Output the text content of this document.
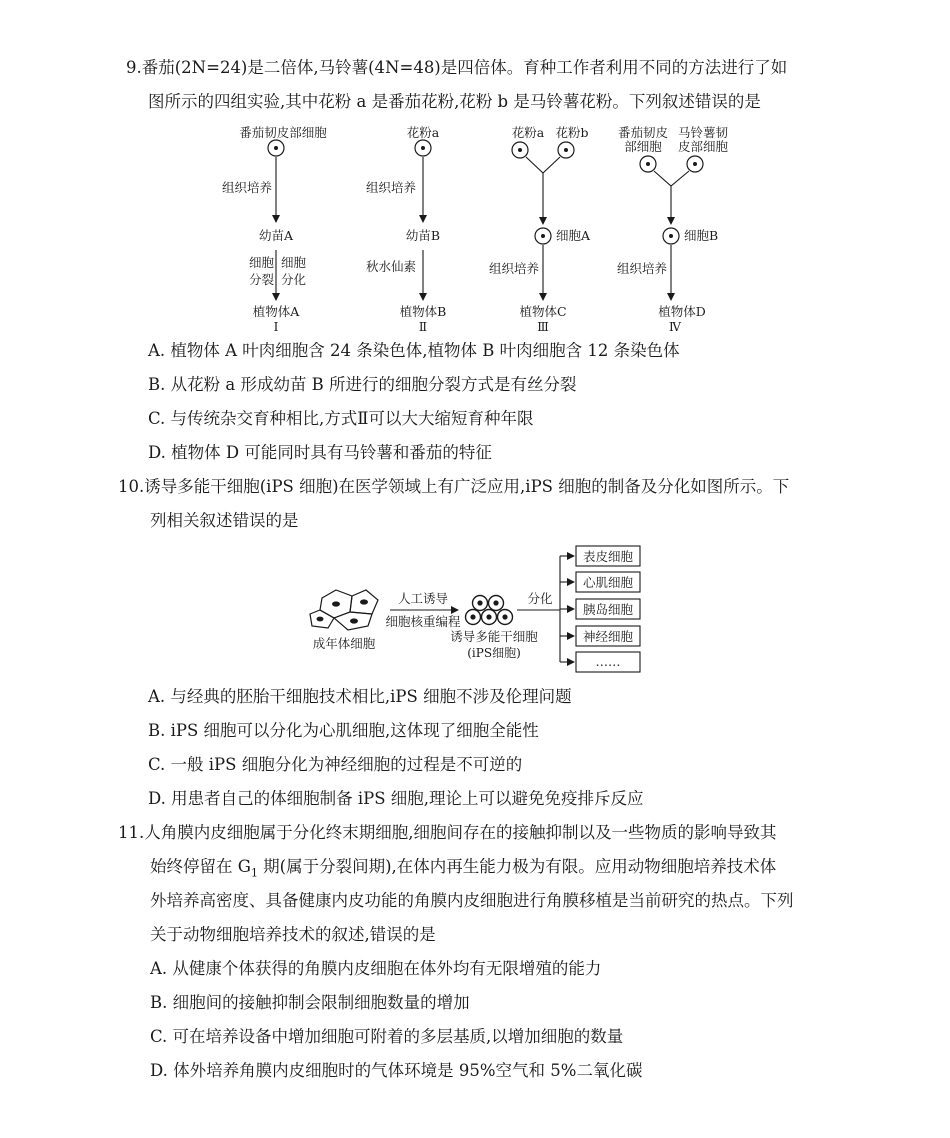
9.番茄(2N=24)是二倍体,马铃薯(4N=48)是四倍体。育种工作者利用不同的方法进行了如
图所示的四组实验,其中花粉 a 是番茄花粉,花粉 b 是马铃薯花粉。下列叙述错误的是
番茄韧皮部细胞
组织培养
幼苗A
细胞
分裂
细胞
分化
植物体A
Ⅰ
花粉a
组织培养
幼苗B
秋水仙素
植物体B
Ⅱ
花粉a 花粉b
细胞A
组织培养
植物体C
Ⅲ
番茄韧皮
部细胞
马铃薯韧
皮部细胞
细胞B
组织培养
植物体D
Ⅳ
A. 植物体 A 叶肉细胞含 24 条染色体,植物体 B 叶肉细胞含 12 条染色体
B. 从花粉 a 形成幼苗 B 所进行的细胞分裂方式是有丝分裂
C. 与传统杂交育种相比,方式Ⅱ可以大大缩短育种年限
D. 植物体 D 可能同时具有马铃薯和番茄的特征
10.诱导多能干细胞(iPS 细胞)在医学领域上有广泛应用,iPS 细胞的制备及分化如图所示。下
列相关叙述错误的是
成年体细胞
人工诱导
细胞核重编程
诱导多能干细胞
(iPS细胞)
分化
表皮细胞
心肌细胞
胰岛细胞
神经细胞
……
A. 与经典的胚胎干细胞技术相比,iPS 细胞不涉及伦理问题
B. iPS 细胞可以分化为心肌细胞,这体现了细胞全能性
C. 一般 iPS 细胞分化为神经细胞的过程是不可逆的
D. 用患者自己的体细胞制备 iPS 细胞,理论上可以避免免疫排斥反应
11.人角膜内皮细胞属于分化终末期细胞,细胞间存在的接触抑制以及一些物质的影响导致其
始终停留在 $G_1$ 期(属于分裂间期),在体内再生能力极为有限。应用动物细胞培养技术体
外培养高密度、具备健康内皮功能的角膜内皮细胞进行角膜移植是当前研究的热点。下列
关于动物细胞培养技术的叙述,错误的是
A. 从健康个体获得的角膜内皮细胞在体外均有无限增殖的能力
B. 细胞间的接触抑制会限制细胞数量的增加
C. 可在培养设备中增加细胞可附着的多层基质,以增加细胞的数量
D. 体外培养角膜内皮细胞时的气体环境是 95%空气和 5%二氧化碳
